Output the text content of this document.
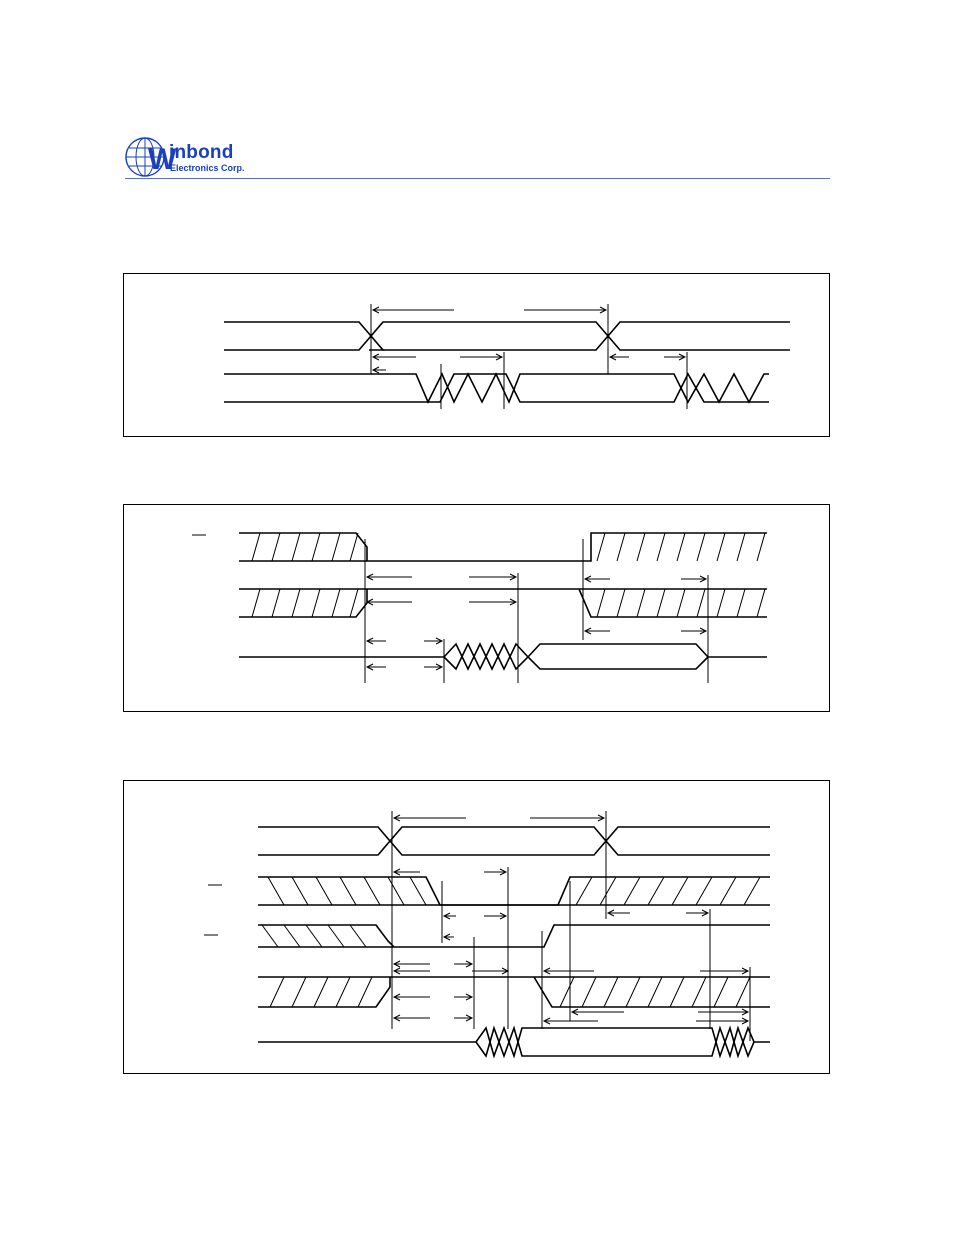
W
inbond
Electronics Corp.
